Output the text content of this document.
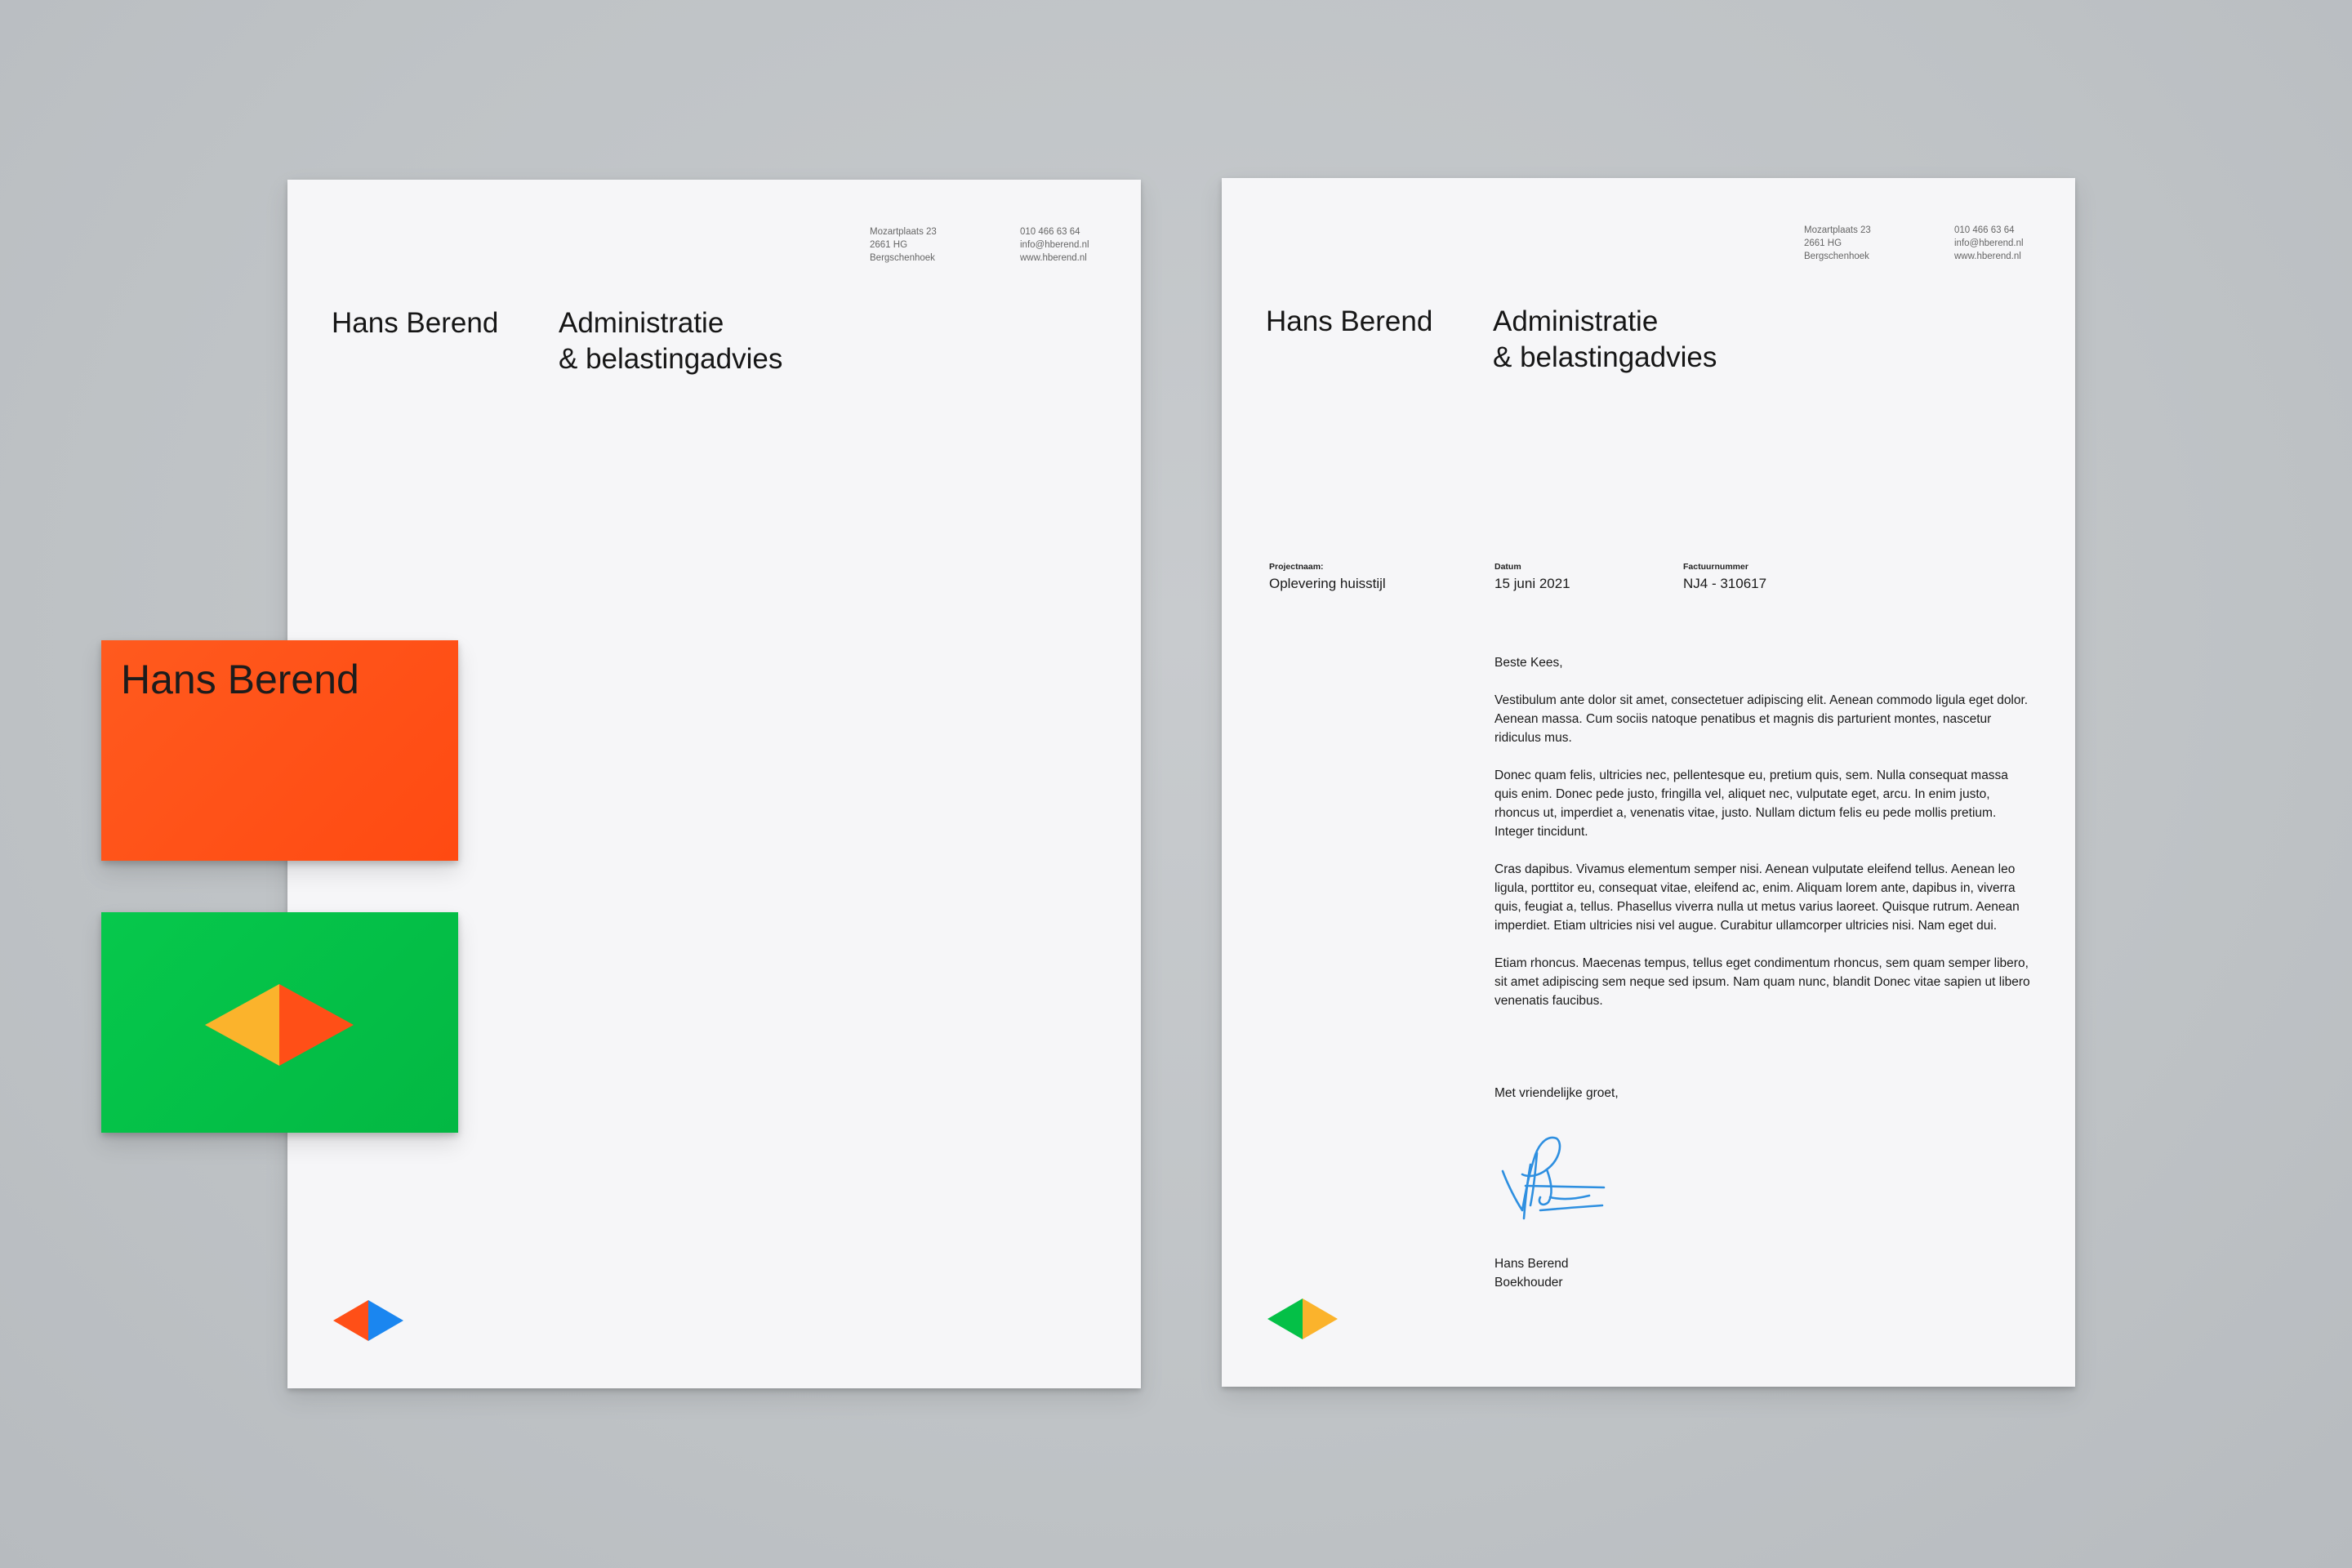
Mozartplaats 23
2661 HG
Bergschenhoek

010 466 63 64
info@hberend.nl
www.hberend.nl

Hans Berend Administratie
& belastingadvies

Mozartplaats 23
2661 HG
Bergschenhoek

010 466 63 64
info@hberend.nl
www.hberend.nl

Hans Berend Administratie
& belastingadvies

Projectnaam:
Oplevering huisstijl
Datum
15 juni 2021
Factuurnummer
NJ4 - 310617

Beste Kees,

Vestibulum ante dolor sit amet, consectetuer adipiscing elit. Aenean commodo ligula eget dolor. Aenean massa. Cum sociis natoque penatibus et magnis dis parturient montes, nascetur ridiculus mus.

Donec quam felis, ultricies nec, pellentesque eu, pretium quis, sem. Nulla consequat massa quis enim. Donec pede justo, fringilla vel, aliquet nec, vulputate eget, arcu. In enim justo, rhoncus ut, imperdiet a, venenatis vitae, justo. Nullam dictum felis eu pede mollis pretium. Integer tincidunt.

Cras dapibus. Vivamus elementum semper nisi. Aenean vulputate eleifend tellus. Aenean leo ligula, porttitor eu, consequat vitae, eleifend ac, enim. Aliquam lorem ante, dapibus in, viverra quis, feugiat a, tellus. Phasellus viverra nulla ut metus varius laoreet. Quisque rutrum. Aenean imperdiet. Etiam ultricies nisi vel augue. Curabitur ullamcorper ultricies nisi. Nam eget dui.

Etiam rhoncus. Maecenas tempus, tellus eget condimentum rhoncus, sem quam semper libero, sit amet adipiscing sem neque sed ipsum. Nam quam nunc, blandit Donec vitae sapien ut libero venenatis faucibus.

Met vriendelijke groet,
Hans Berend
Boekhouder
Hans Berend
